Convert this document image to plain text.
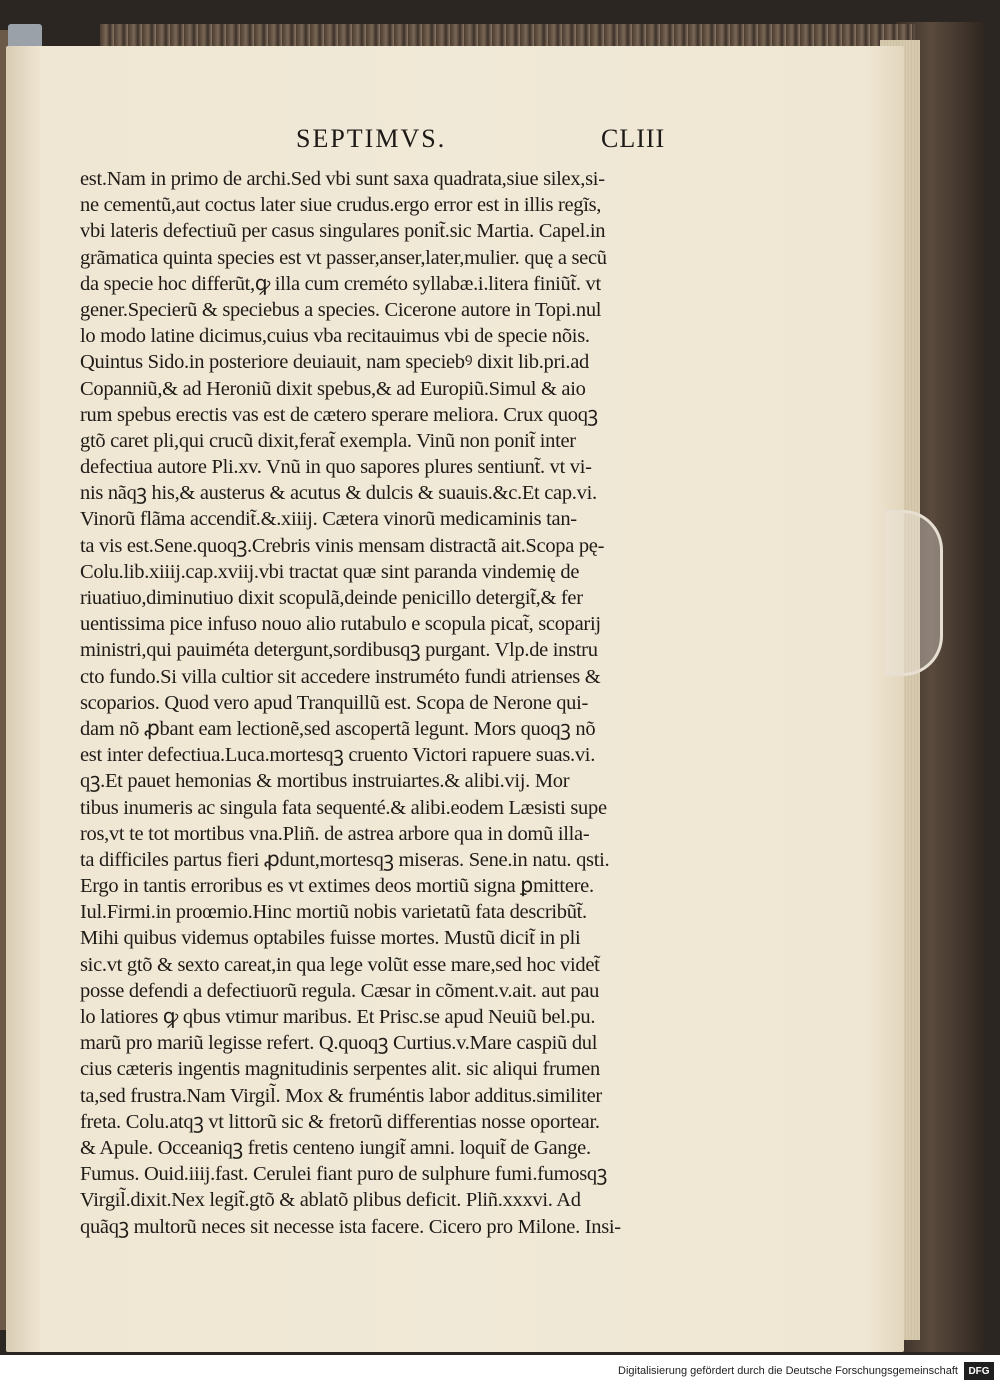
SEPTIMVS.	CLIII
est.Nam in primo de archi.Sed vbi sunt saxa quadrata,siue silex,si-
ne cementũ,aut coctus later siue crudus.ergo error est in illis regĩs,
vbi lateris defectiuũ per casus singulares ponit̃.sic Martia. Capel.in
grãmatica quinta species est vt passer,anser,later,mulier. quę a secũ
da specie hoc differũt,ꝙ illa cum creméto syllabæ.i.litera finiũt̃. vt
gener.Specierũ & speciebus a species. Cicerone autore in Topi.nul
lo modo latine dicimus,cuius vba recitauimus vbi de specie nõis.
Quintus Sido.in posteriore deuiauit, nam speciebꝰ dixit lib.pri.ad
Copanniũ,& ad Heroniũ dixit spebus,& ad Europiũ.Simul & aio
rum spebus erectis vas est de cætero sperare meliora. Crux quoqꝫ
gtõ caret pli,qui crucũ dixit,ferat̃ exempla. Vinũ non ponit̃ inter
defectiua autore Pli.xv. Vnũ in quo sapores plures sentiunt̃. vt vi-
nis nãqꝫ his,& austerus & acutus & dulcis & suauis.&c.Et cap.vi.
Vinorũ flãma accendit̃.&.xiiij. Cætera vinorũ medicaminis tan-
ta vis est.Sene.quoqꝫ.Crebris vinis mensam distractã ait.Scopa pę-
Colu.lib.xiiij.cap.xviij.vbi tractat quæ sint paranda vindemię de
riuatiuo,diminutiuo dixit scopulã,deinde penicillo detergit̃,& fer
uentissima pice infuso nouo alio rutabulo e scopula picat̃, scoparij
ministri,qui pauiméta detergunt,sordibusqꝫ purgant. Vlp.de instru
cto fundo.Si villa cultior sit accedere instruméto fundi atrienses &
scoparios. Quod vero apud Tranquillũ est. Scopa de Nerone qui-
dam nõ ꝓbant eam lectionẽ,sed ascopertã legunt. Mors quoqꝫ nõ
est inter defectiua.Luca.mortesqꝫ cruento Victori rapuere suas.vi.
qꝫ.Et pauet hemonias & mortibus instruiartes.& alibi.vij. Mor
tibus inumeris ac singula fata sequenté.& alibi.eodem Læsisti supe
ros,vt te tot mortibus vna.Pliñ. de astrea arbore qua in domũ illa-
ta difficiles partus fieri ꝓdunt,mortesqꝫ miseras. Sene.in natu. qsti.
Ergo in tantis erroribus es vt extimes deos mortiũ signa ꝑmittere.
Iul.Firmi.in proœmio.Hinc mortiũ nobis varietatũ fata describũt̃.
Mihi quibus videmus optabiles fuisse mortes. Mustũ dicit̃ in pli
sic.vt gtõ & sexto careat,in qua lege volũt esse mare,sed hoc videt̃
posse defendi a defectiuorũ regula. Cæsar in cõment.v.ait. aut pau
lo latiores ꝙ qbus vtimur maribus. Et Prisc.se apud Neuiũ bel.pu.
marũ pro mariũ legisse refert. Q.quoqꝫ Curtius.v.Mare caspiũ dul
cius cæteris ingentis magnitudinis serpentes alit. sic aliqui frumen
ta,sed frustra.Nam Virgil̃. Mox & fruméntis labor additus.similiter
freta. Colu.atqꝫ vt littorũ sic & fretorũ differentias nosse oportear.
& Apule. Occeaniqꝫ fretis centeno iungit̃ amni. loquit̃ de Gange.
Fumus. Ouid.iiij.fast. Cerulei fiant puro de sulphure fumi.fumosqꝫ
Virgil̃.dixit.Nex legit̃.gtõ & ablatõ plibus deficit. Pliñ.xxxvi. Ad
quãqꝫ multorũ neces sit necesse ista facere. Cicero pro Milone. Insi-
Digitalisierung gefördert durch die Deutsche Forschungsgemeinschaft	DFG
